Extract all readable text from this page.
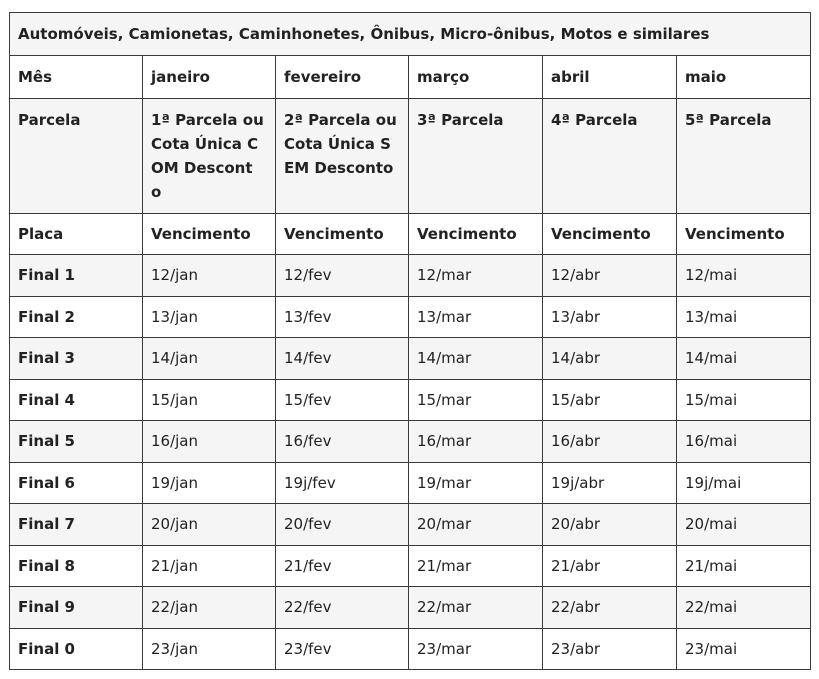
Automóveis, Camionetas, Caminhonetes, Ônibus, Micro-ônibus, Motos e similares					
Mês	janeiro	fevereiro	março	abril	maio
Parcela	1ª Parcela ou Cota Única COM Descont o	2ª Parcela ou Cota Única SEM Desconto	3ª Parcela	4ª Parcela	5ª Parcela
Placa	Vencimento	Vencimento	Vencimento	Vencimento	Vencimento
Final 1	12/jan	12/fev	12/mar	12/abr	12/mai
Final 2	13/jan	13/fev	13/mar	13/abr	13/mai
Final 3	14/jan	14/fev	14/mar	14/abr	14/mai
Final 4	15/jan	15/fev	15/mar	15/abr	15/mai
Final 5	16/jan	16/fev	16/mar	16/abr	16/mai
Final 6	19/jan	19j/fev	19/mar	19j/abr	19j/mai
Final 7	20/jan	20/fev	20/mar	20/abr	20/mai
Final 8	21/jan	21/fev	21/mar	21/abr	21/mai
Final 9	22/jan	22/fev	22/mar	22/abr	22/mai
Final 0	23/jan	23/fev	23/mar	23/abr	23/mai
